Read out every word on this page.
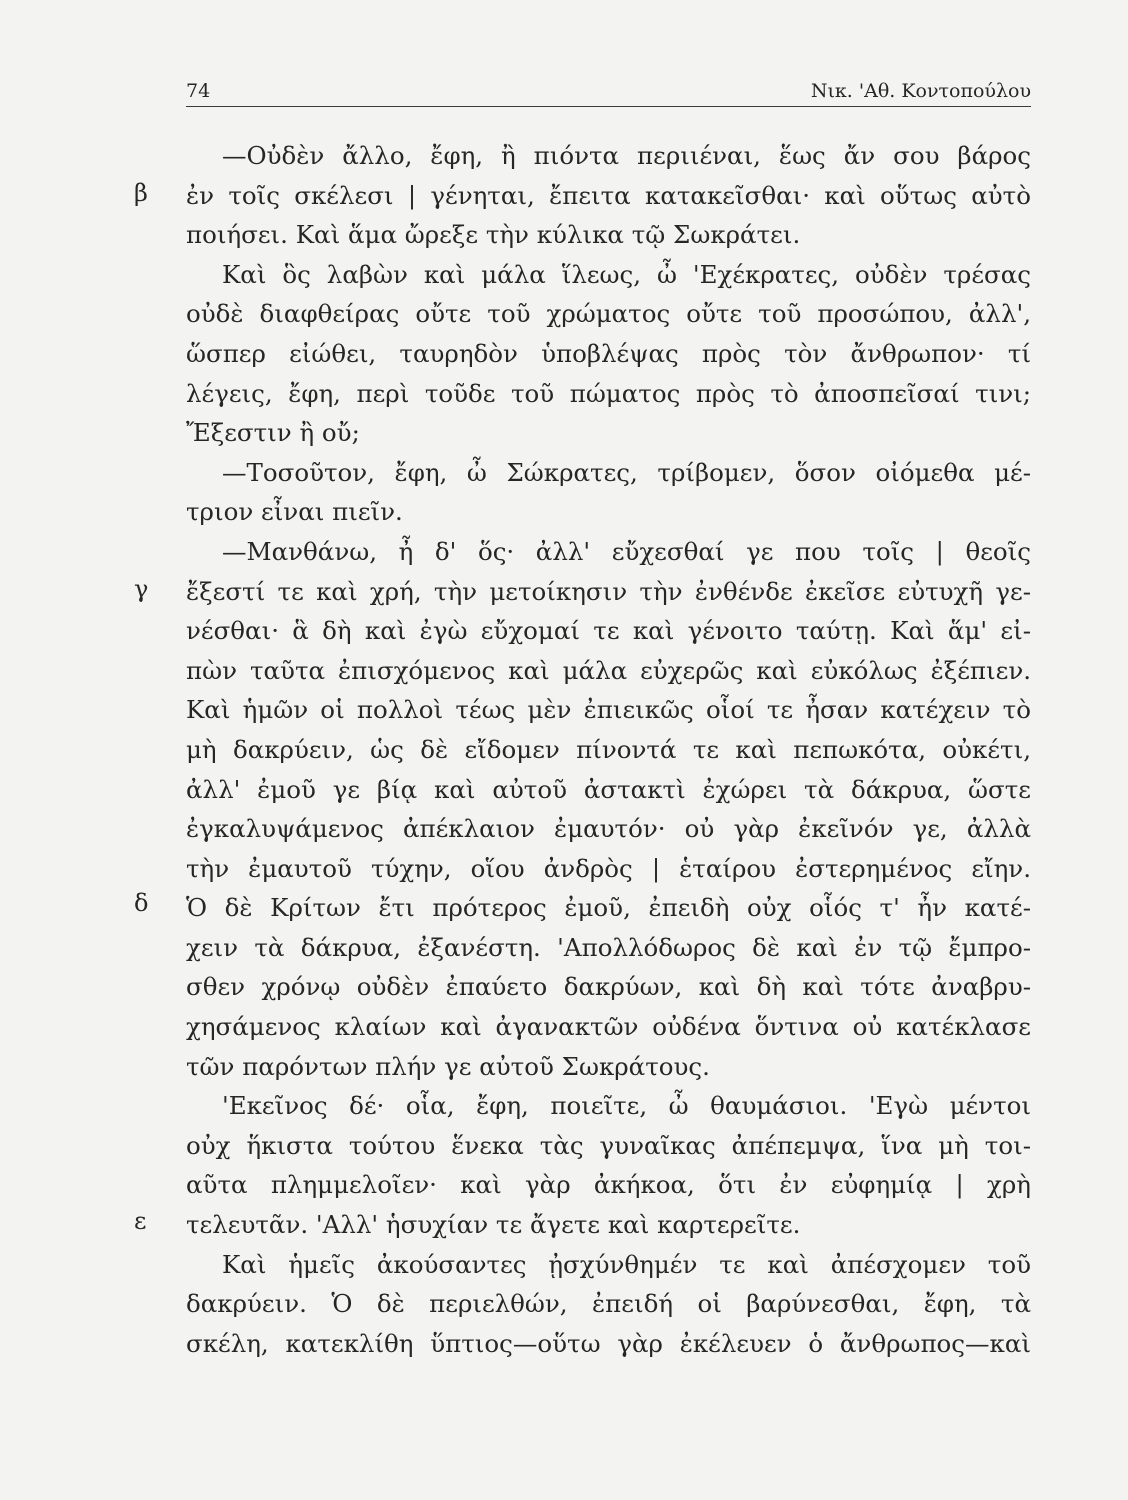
74	Νικ. 'Αθ. Κοντοπούλου
β
γ
δ
ε
—Οὐδὲν ἄλλο, ἔφη, ἢ πιόντα περιιέναι, ἕως ἄν σου βάρος
ἐν τοῖς σκέλεσι | γένηται, ἔπειτα κατακεῖσθαι· καὶ οὕτως αὐτὸ
ποιήσει. Καὶ ἅμα ὤρεξε τὴν κύλικα τῷ Σωκράτει.
Καὶ ὃς λαβὼν καὶ μάλα ἵλεως, ὦ 'Εχέκρατες, οὐδὲν τρέσας
οὐδὲ διαφθείρας οὔτε τοῦ χρώματος οὔτε τοῦ προσώπου, ἀλλ',
ὥσπερ εἰώθει, ταυρηδὸν ὑποβλέψας πρὸς τὸν ἄνθρωπον· τί
λέγεις, ἔφη, περὶ τοῦδε τοῦ πώματος πρὸς τὸ ἀποσπεῖσαί τινι;
Ἔξεστιν ἢ οὔ;
—Τοσοῦτον, ἔφη, ὦ Σώκρατες, τρίβομεν, ὅσον οἰόμεθα μέ-
τριον εἶναι πιεῖν.
—Μανθάνω, ἦ δ' ὅς· ἀλλ' εὔχεσθαί γε που τοῖς | θεοῖς
ἔξεστί τε καὶ χρή, τὴν μετοίκησιν τὴν ἐνθένδε ἐκεῖσε εὐτυχῆ γε-
νέσθαι· ἃ δὴ καὶ ἐγὼ εὔχομαί τε καὶ γένοιτο ταύτῃ. Καὶ ἅμ' εἰ-
πὼν ταῦτα ἐπισχόμενος καὶ μάλα εὐχερῶς καὶ εὐκόλως ἐξέπιεν.
Καὶ ἡμῶν οἱ πολλοὶ τέως μὲν ἐπιεικῶς οἷοί τε ἦσαν κατέχειν τὸ
μὴ δακρύειν, ὡς δὲ εἴδομεν πίνοντά τε καὶ πεπωκότα, οὐκέτι,
ἀλλ' ἐμοῦ γε βίᾳ καὶ αὐτοῦ ἀστακτὶ ἐχώρει τὰ δάκρυα, ὥστε
ἐγκαλυψάμενος ἀπέκλαιον ἐμαυτόν· οὐ γὰρ ἐκεῖνόν γε, ἀλλὰ
τὴν ἐμαυτοῦ τύχην, οἵου ἀνδρὸς | ἑταίρου ἐστερημένος εἴην.
Ὁ δὲ Κρίτων ἔτι πρότερος ἐμοῦ, ἐπειδὴ οὐχ οἷός τ' ἦν κατέ-
χειν τὰ δάκρυα, ἐξανέστη. 'Απολλόδωρος δὲ καὶ ἐν τῷ ἔμπρο-
σθεν χρόνῳ οὐδὲν ἐπαύετο δακρύων, καὶ δὴ καὶ τότε ἀναβρυ-
χησάμενος κλαίων καὶ ἀγανακτῶν οὐδένα ὅντινα οὐ κατέκλασε
τῶν παρόντων πλήν γε αὐτοῦ Σωκράτους.
'Εκεῖνος δέ· οἷα, ἔφη, ποιεῖτε, ὦ θαυμάσιοι. 'Εγὼ μέντοι
οὐχ ἥκιστα τούτου ἕνεκα τὰς γυναῖκας ἀπέπεμψα, ἵνα μὴ τοι-
αῦτα πλημμελοῖεν· καὶ γὰρ ἀκήκοα, ὅτι ἐν εὐφημίᾳ | χρὴ
τελευτᾶν. 'Αλλ' ἡσυχίαν τε ἄγετε καὶ καρτερεῖτε.
Καὶ ἡμεῖς ἀκούσαντες ᾐσχύνθημέν τε καὶ ἀπέσχομεν τοῦ
δακρύειν. Ὁ δὲ περιελθών, ἐπειδή οἱ βαρύνεσθαι, ἔφη, τὰ
σκέλη, κατεκλίθη ὕπτιος—οὕτω γὰρ ἐκέλευεν ὁ ἄνθρωπος—καὶ
